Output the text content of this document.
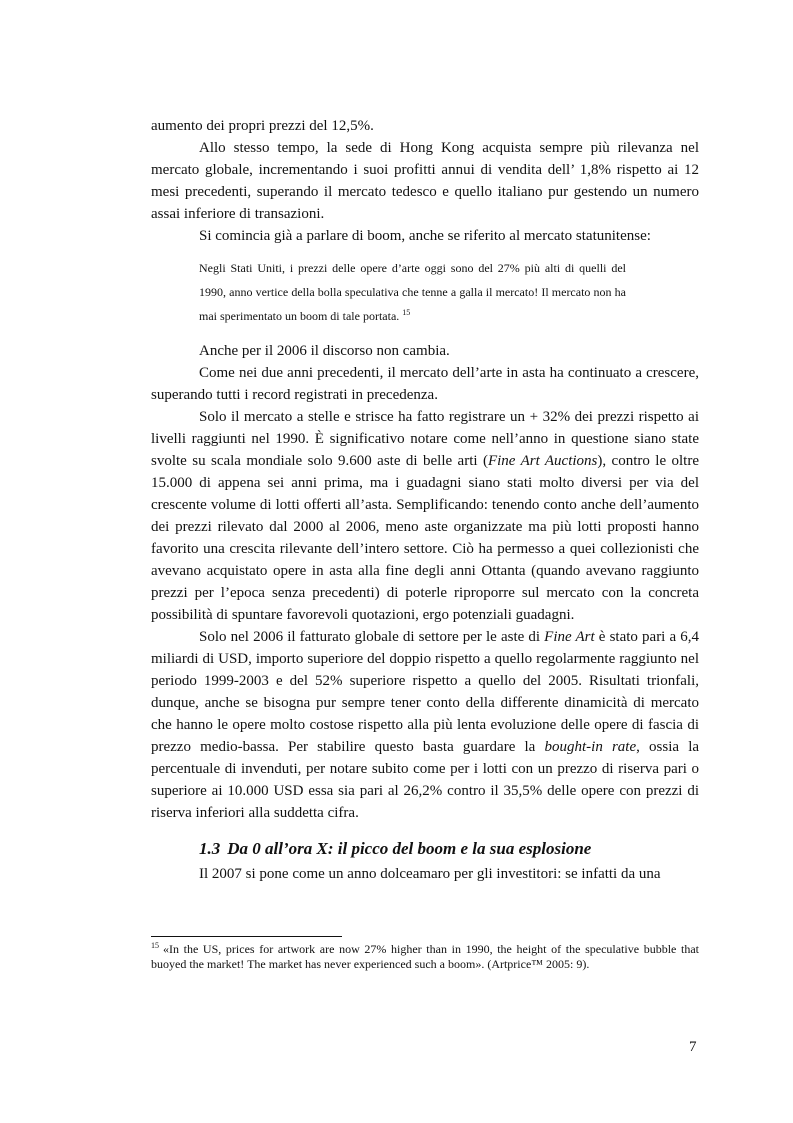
aumento dei propri prezzi del 12,5%.

Allo stesso tempo, la sede di Hong Kong acquista sempre più rilevanza nel mercato globale, incrementando i suoi profitti annui di vendita dell’ 1,8% rispetto ai 12 mesi precedenti, superando il mercato tedesco e quello italiano pur gestendo un numero assai inferiore di transazioni.

Si comincia già a parlare di boom, anche se riferito al mercato statunitense:

Negli Stati Uniti, i prezzi delle opere d’arte oggi sono del 27% più alti di quelli del 1990, anno vertice della bolla speculativa che tenne a galla il mercato! Il mercato non ha mai sperimentato un boom di tale portata. $^{15}$

Anche per il 2006 il discorso non cambia.

Come nei due anni precedenti, il mercato dell’arte in asta ha continuato a crescere, superando tutti i record registrati in precedenza.

Solo il mercato a stelle e strisce ha fatto registrare un + 32% dei prezzi rispetto ai livelli raggiunti nel 1990. È significativo notare come nell’anno in questione siano state svolte su scala mondiale solo 9.600 aste di belle arti (Fine Art Auctions), contro le oltre 15.000 di appena sei anni prima, ma i guadagni siano stati molto diversi per via del crescente volume di lotti offerti all’asta. Semplificando: tenendo conto anche dell’aumento dei prezzi rilevato dal 2000 al 2006, meno aste organizzate ma più lotti proposti hanno favorito una crescita rilevante dell’intero settore. Ciò ha permesso a quei collezionisti che avevano acquistato opere in asta alla fine degli anni Ottanta (quando avevano raggiunto prezzi per l’epoca senza precedenti) di poterle riproporre sul mercato con la concreta possibilità di spuntare favorevoli quotazioni, ergo potenziali guadagni.

Solo nel 2006 il fatturato globale di settore per le aste di Fine Art è stato pari a 6,4 miliardi di USD, importo superiore del doppio rispetto a quello regolarmente raggiunto nel periodo 1999-2003 e del 52% superiore rispetto a quello del 2005. Risultati trionfali, dunque, anche se bisogna pur sempre tener conto della differente dinamicità di mercato che hanno le opere molto costose rispetto alla più lenta evoluzione delle opere di fascia di prezzo medio-bassa. Per stabilire questo basta guardare la bought-in rate, ossia la percentuale di invenduti, per notare subito come per i lotti con un prezzo di riserva pari o superiore ai 10.000 USD essa sia pari al 26,2% contro il 35,5% delle opere con prezzi di riserva inferiori alla suddetta cifra.

1.3 Da 0 all’ora X: il picco del boom e la sua esplosione

Il 2007 si pone come un anno dolceamaro per gli investitori: se infatti da una

$^{15}$ «In the US, prices for artwork are now 27% higher than in 1990, the height of the speculative bubble that buoyed the market! The market has never experienced such a boom». (Artprice™ 2005: 9).
7
